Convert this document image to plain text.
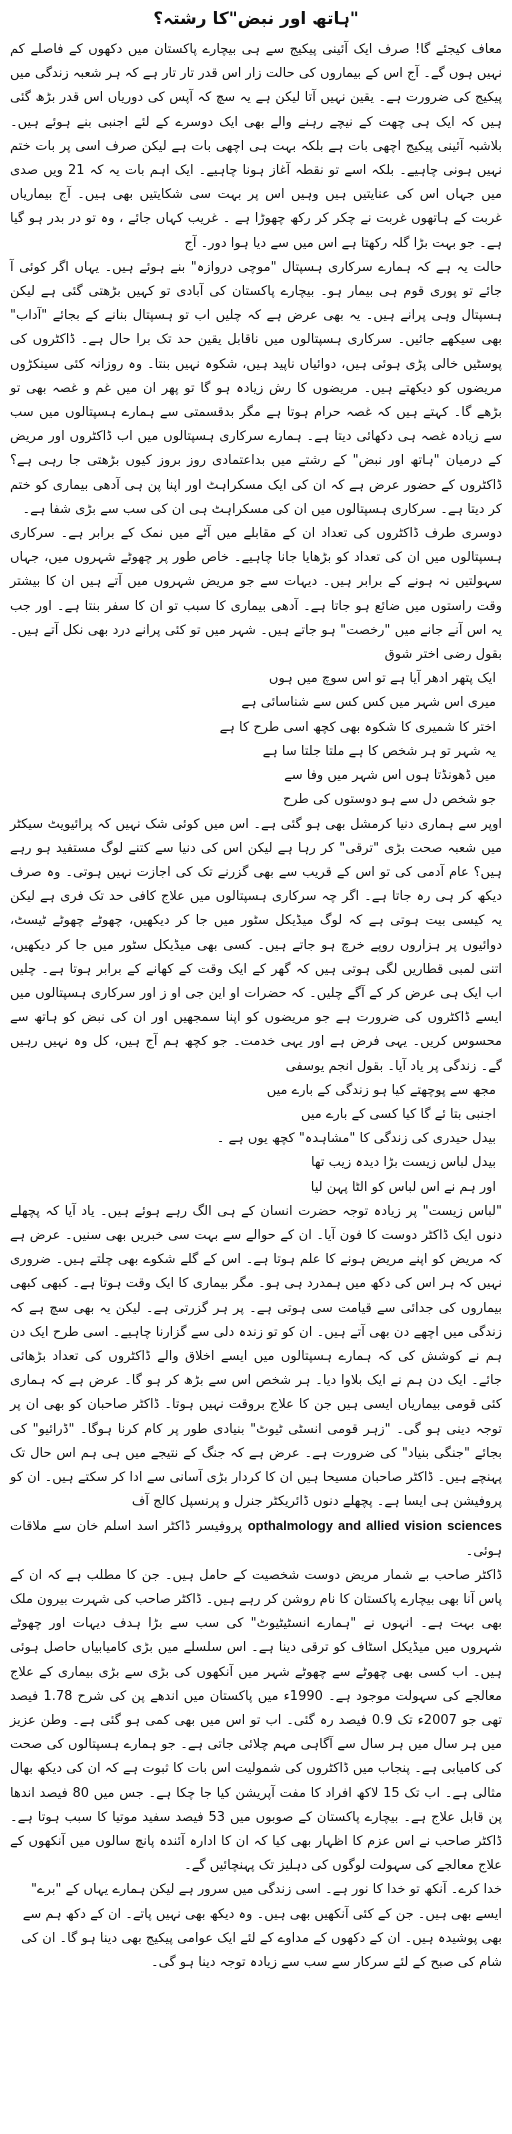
"ہاتھ اور نبض"کا رشتہ؟

معاف کیجئے گا! صرف ایک آئینی پیکیج سے ہی بیچارے پاکستان میں دکھوں کے فاصلے کم نہیں ہوں گے۔ آج اس کے بیماروں کی حالت زار اس قدر تار تار ہے کہ ہر شعبہ زندگی میں پیکیج کی ضرورت ہے۔ یقین نہیں آتا لیکن ہے یہ سچ کہ آپس کی دوریاں اس قدر بڑھ گئی ہیں کہ ایک ہی چھت کے نیچے رہنے والے بھی ایک دوسرے کے لئے اجنبی بنے ہوئے ہیں۔ بلاشبہ آئینی پیکیج اچھی بات ہے بلکہ بہت ہی اچھی بات ہے لیکن صرف اسی پر بات ختم نہیں ہونی چاہیے۔ بلکہ اسے تو نقطہ آغاز ہونا چاہیے۔ ایک اہم بات یہ کہ 21 ویں صدی میں جہاں اس کی عنایتیں ہیں وہیں اس پر بہت سی شکایتیں بھی ہیں۔ آج بیماریاں غربت کے ہاتھوں غربت نے چکر کر رکھ چھوڑا ہے ۔ غریب کہاں جائے ، وہ تو در بدر ہو گیا ہے۔ جو بہت بڑا گلہ رکھتا ہے اس میں سے دیا ہوا دور۔ آج

حالت یہ ہے کہ ہمارے سرکاری ہسپتال "موچی دروازہ" بنے ہوئے ہیں۔ یہاں اگر کوئی آ جائے تو پوری قوم ہی بیمار ہو۔ بیچارے پاکستان کی آبادی تو کہیں بڑھتی گئی ہے لیکن ہسپتال وہی پرانے ہیں۔ یہ بھی عرض ہے کہ چلیں اب تو ہسپتال بنانے کے بجائے "آداب" بھی سیکھے جائیں۔ سرکاری ہسپتالوں میں ناقابل یقین حد تک برا حال ہے۔ ڈاکٹروں کی پوسٹیں خالی پڑی ہوئی ہیں، دوائیاں ناپید ہیں، شکوہ نہیں بنتا۔ وہ روزانہ کئی سینکڑوں مریضوں کو دیکھتے ہیں۔ مریضوں کا رش زیادہ ہو گا تو پھر ان میں غم و غصہ بھی تو بڑھے گا۔ کہتے ہیں کہ غصہ حرام ہوتا ہے مگر بدقسمتی سے ہمارے ہسپتالوں میں سب سے زیادہ غصہ ہی دکھائی دیتا ہے۔ ہمارے سرکاری ہسپتالوں میں اب ڈاکٹروں اور مریض کے درمیان "ہاتھ اور نبض" کے رشتے میں بداعتمادی روز بروز کیوں بڑھتی جا رہی ہے؟ ڈاکٹروں کے حضور عرض ہے کہ ان کی ایک مسکراہٹ اور اپنا پن ہی آدھی بیماری کو ختم کر دیتا ہے۔ سرکاری ہسپتالوں میں ان کی مسکراہٹ ہی ان کی سب سے بڑی شفا ہے۔

دوسری طرف ڈاکٹروں کی تعداد ان کے مقابلے میں آٹے میں نمک کے برابر ہے۔ سرکاری ہسپتالوں میں ان کی تعداد کو بڑھایا جانا چاہیے۔ خاص طور پر چھوٹے شہروں میں، جہاں سہولتیں نہ ہونے کے برابر ہیں۔ دیہات سے جو مریض شہروں میں آتے ہیں ان کا بیشتر وقت راستوں میں ضائع ہو جاتا ہے۔ آدھی بیماری کا سبب تو ان کا سفر بنتا ہے۔ اور جب یہ اس آنے جانے میں "رخصت" ہو جاتے ہیں۔ شہر میں تو کئی پرانے درد بھی نکل آتے ہیں۔ بقول رضی اختر شوق

ایک پتھر ادھر آیا ہے تو اس سوچ میں ہوں

میری اس شہر میں کس کس سے شناسائی ہے

اختر کا شمیری کا شکوہ بھی کچھ اسی طرح کا ہے

یہ شہر تو ہر شخص کا ہے ملتا جلتا سا ہے

میں ڈھونڈتا ہوں اس شہر میں وفا سے

جو شخص دل سے ہو دوستوں کی طرح

اوپر سے ہماری دنیا کرمشل بھی ہو گئی ہے۔ اس میں کوئی شک نہیں کہ پرائیویٹ سیکٹر میں شعبہ صحت بڑی "ترقی" کر رہا ہے لیکن اس کی دنیا سے کتنے لوگ مستفید ہو رہے ہیں؟ عام آدمی کی تو اس کے قریب سے بھی گزرنے تک کی اجازت نہیں ہوتی۔ وہ صرف دیکھ کر ہی رہ جاتا ہے۔ اگر چہ سرکاری ہسپتالوں میں علاج کافی حد تک فری ہے لیکن یہ کیسی بیت ہوتی ہے کہ لوگ میڈیکل سٹور میں جا کر دیکھیں، چھوٹے چھوٹے ٹیسٹ، دوائیوں پر ہزاروں روپے خرچ ہو جاتے ہیں۔ کسی بھی میڈیکل سٹور میں جا کر دیکھیں، اتنی لمبی قطاریں لگی ہوتی ہیں کہ گھر کے ایک وقت کے کھانے کے برابر ہوتا ہے۔ چلیں اب ایک ہی عرض کر کے آگے چلیں۔ کہ حضرات او این جی او ز اور سرکاری ہسپتالوں میں ایسے ڈاکٹروں کی ضرورت ہے جو مریضوں کو اپنا سمجھیں اور ان کی نبض کو ہاتھ سے محسوس کریں۔ یہی فرض ہے اور یہی خدمت۔ جو کچھ ہم آج ہیں، کل وہ نہیں رہیں گے۔ زندگی پر یاد آیا۔ بقول انجم یوسفی

مجھ سے پوچھتے کیا ہو زندگی کے بارے میں

اجنبی بتا ئے گا کیا کسی کے بارے میں

بیدل حیدری کی زندگی کا "مشاہدہ" کچھ یوں ہے ۔

بیدل لباس زیست بڑا دیدہ زیب تھا

اور ہم نے اس لباس کو الٹا پہن لیا

"لباس زیست" پر زیادہ توجہ حضرت انسان کے ہی الگ رہے ہوئے ہیں۔ یاد آیا کہ پچھلے دنوں ایک ڈاکٹر دوست کا فون آیا۔ ان کے حوالے سے بہت سی خبریں بھی سنیں۔ عرض ہے کہ مریض کو اپنے مریض ہونے کا علم ہوتا ہے۔ اس کے گلے شکوے بھی چلتے ہیں۔ ضروری نہیں کہ ہر اس کی دکھ میں ہمدرد ہی ہو۔ مگر بیماری کا ایک وقت ہوتا ہے۔ کبھی کبھی بیماروں کی جدائی سے قیامت سی ہوتی ہے۔ پر ہر گزرتی ہے۔ لیکن یہ بھی سچ ہے کہ زندگی میں اچھے دن بھی آتے ہیں۔ ان کو تو زندہ دلی سے گزارنا چاہیے۔ اسی طرح ایک دن ہم نے کوشش کی کہ ہمارے ہسپتالوں میں ایسے اخلاق والے ڈاکٹروں کی تعداد بڑھائی جائے۔ ایک دن ہم نے ایک بلاوا دیا۔ ہر شخص اس سے بڑھ کر ہو گا۔ عرض ہے کہ ہماری کئی قومی بیماریاں ایسی ہیں جن کا علاج بروقت نہیں ہوتا۔ ڈاکٹر صاحبان کو بھی ان پر توجہ دینی ہو گی۔ "زہر قومی انسٹی ٹیوٹ" بنیادی طور پر کام کرنا ہوگا۔ "ڈرائیو" کی بجائے "جنگی بنیاد" کی ضرورت ہے۔ عرض ہے کہ جنگ کے نتیجے میں ہی ہم اس حال تک پہنچے ہیں۔ ڈاکٹر صاحبان مسیحا ہیں ان کا کردار بڑی آسانی سے ادا کر سکتے ہیں۔ ان کو پروفیشن ہی ایسا ہے۔ پچھلے دنوں ڈائریکٹر جنرل و پرنسپل کالج آف

opthalmology and allied vision sciences پروفیسر ڈاکٹر اسد اسلم خان سے ملاقات ہوئی۔

ڈاکٹر صاحب بے شمار مریض دوست شخصیت کے حامل ہیں۔ جن کا مطلب ہے کہ ان کے پاس آنا بھی بیچارے پاکستان کا نام روشن کر رہے ہیں۔ ڈاکٹر صاحب کی شہرت بیرون ملک بھی بہت ہے۔ انہوں نے "ہمارے انسٹیٹیوٹ" کی سب سے بڑا ہدف دیہات اور چھوٹے شہروں میں میڈیکل اسٹاف کو ترقی دینا ہے۔ اس سلسلے میں بڑی کامیابیاں حاصل ہوئی ہیں۔ اب کسی بھی چھوٹے سے چھوٹے شہر میں آنکھوں کی بڑی سے بڑی بیماری کے علاج معالجے کی سہولت موجود ہے۔ 1990ء میں پاکستان میں اندھے پن کی شرح 1.78 فیصد تھی جو 2007ء تک 0.9 فیصد رہ گئی۔ اب تو اس میں بھی کمی ہو گئی ہے۔ وطن عزیز میں ہر سال میں ہر سال سے آگاہی مہم چلائی جاتی ہے۔ جو ہمارے ہسپتالوں کی صحت کی کامیابی ہے۔ پنجاب میں ڈاکٹروں کی شمولیت اس بات کا ثبوت ہے کہ ان کی دیکھ بھال مثالی ہے۔ اب تک 15 لاکھ افراد کا مفت آپریشن کیا جا چکا ہے۔ جس میں 80 فیصد اندھا پن قابل علاج ہے۔ بیچارے پاکستان کے صوبوں میں 53 فیصد سفید موتیا کا سبب ہوتا ہے۔ ڈاکٹر صاحب نے اس عزم کا اظہار بھی کیا کہ ان کا ادارہ آئندہ پانچ سالوں میں آنکھوں کے علاج معالجے کی سہولت لوگوں کی دہلیز تک پہنچائیں گے۔

خدا کرے۔ آنکھ تو خدا کا نور ہے۔ اسی زندگی میں سرور ہے لیکن ہمارے یہاں کے "برے" ایسے بھی ہیں۔ جن کے کئی آنکھیں بھی ہیں۔ وہ دیکھ بھی نہیں پاتے۔ ان کے دکھ ہم سے بھی پوشیدہ ہیں۔ ان کے دکھوں کے مداوے کے لئے ایک عوامی پیکیج بھی دینا ہو گا۔ ان کی شام کی صبح کے لئے سرکار سے سب سے زیادہ توجہ دینا ہو گی۔
